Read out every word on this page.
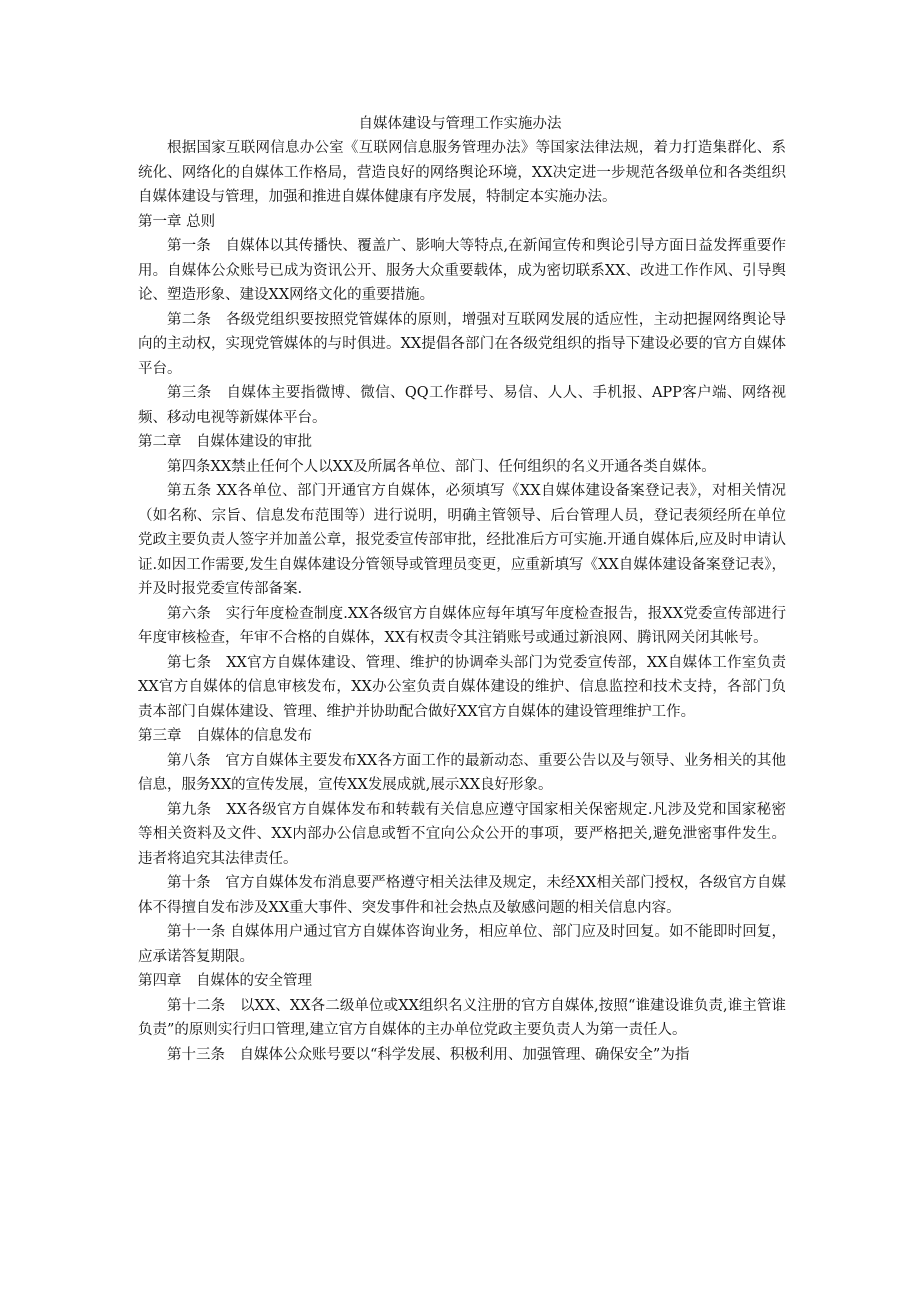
自媒体建设与管理工作实施办法

根据国家互联网信息办公室《互联网信息服务管理办法》等国家法律法规，着力打造集群化、系统化、网络化的自媒体工作格局，营造良好的网络舆论环境，XX决定进一步规范各级单位和各类组织自媒体建设与管理，加强和推进自媒体健康有序发展，特制定本实施办法。

第一章 总则

第一条　自媒体以其传播快、覆盖广、影响大等特点,在新闻宣传和舆论引导方面日益发挥重要作用。自媒体公众账号已成为资讯公开、服务大众重要载体，成为密切联系XX、改进工作作风、引导舆论、塑造形象、建设XX网络文化的重要措施。

第二条　各级党组织要按照党管媒体的原则，增强对互联网发展的适应性，主动把握网络舆论导向的主动权，实现党管媒体的与时俱进。XX提倡各部门在各级党组织的指导下建设必要的官方自媒体平台。

第三条　自媒体主要指微博、微信、QQ工作群号、易信、人人、手机报、APP客户端、网络视频、移动电视等新媒体平台。

第二章　自媒体建设的审批

第四条XX禁止任何个人以XX及所属各单位、部门、任何组织的名义开通各类自媒体。

第五条 XX各单位、部门开通官方自媒体，必须填写《XX自媒体建设备案登记表》，对相关情况（如名称、宗旨、信息发布范围等）进行说明，明确主管领导、后台管理人员，登记表须经所在单位党政主要负责人签字并加盖公章，报党委宣传部审批，经批准后方可实施.开通自媒体后,应及时申请认证.如因工作需要,发生自媒体建设分管领导或管理员变更，应重新填写《XX自媒体建设备案登记表》，并及时报党委宣传部备案.

第六条　实行年度检查制度.XX各级官方自媒体应每年填写年度检查报告，报XX党委宣传部进行年度审核检查，年审不合格的自媒体，XX有权责令其注销账号或通过新浪网、腾讯网关闭其帐号。

第七条　XX官方自媒体建设、管理、维护的协调牵头部门为党委宣传部，XX自媒体工作室负责XX官方自媒体的信息审核发布，XX办公室负责自媒体建设的维护、信息监控和技术支持，各部门负责本部门自媒体建设、管理、维护并协助配合做好XX官方自媒体的建设管理维护工作。

第三章　自媒体的信息发布

第八条　官方自媒体主要发布XX各方面工作的最新动态、重要公告以及与领导、业务相关的其他信息，服务XX的宣传发展，宣传XX发展成就,展示XX良好形象。

第九条　XX各级官方自媒体发布和转载有关信息应遵守国家相关保密规定.凡涉及党和国家秘密等相关资料及文件、XX内部办公信息或暂不宜向公众公开的事项，要严格把关,避免泄密事件发生。违者将追究其法律责任。

第十条　官方自媒体发布消息要严格遵守相关法律及规定，未经XX相关部门授权，各级官方自媒体不得擅自发布涉及XX重大事件、突发事件和社会热点及敏感问题的相关信息内容。

第十一条 自媒体用户通过官方自媒体咨询业务，相应单位、部门应及时回复。如不能即时回复，应承诺答复期限。

第四章　自媒体的安全管理

第十二条　以XX、XX各二级单位或XX组织名义注册的官方自媒体,按照“谁建设谁负责,谁主管谁负责”的原则实行归口管理,建立官方自媒体的主办单位党政主要负责人为第一责任人。

第十三条　自媒体公众账号要以“科学发展、积极利用、加强管理、确保安全”为指
